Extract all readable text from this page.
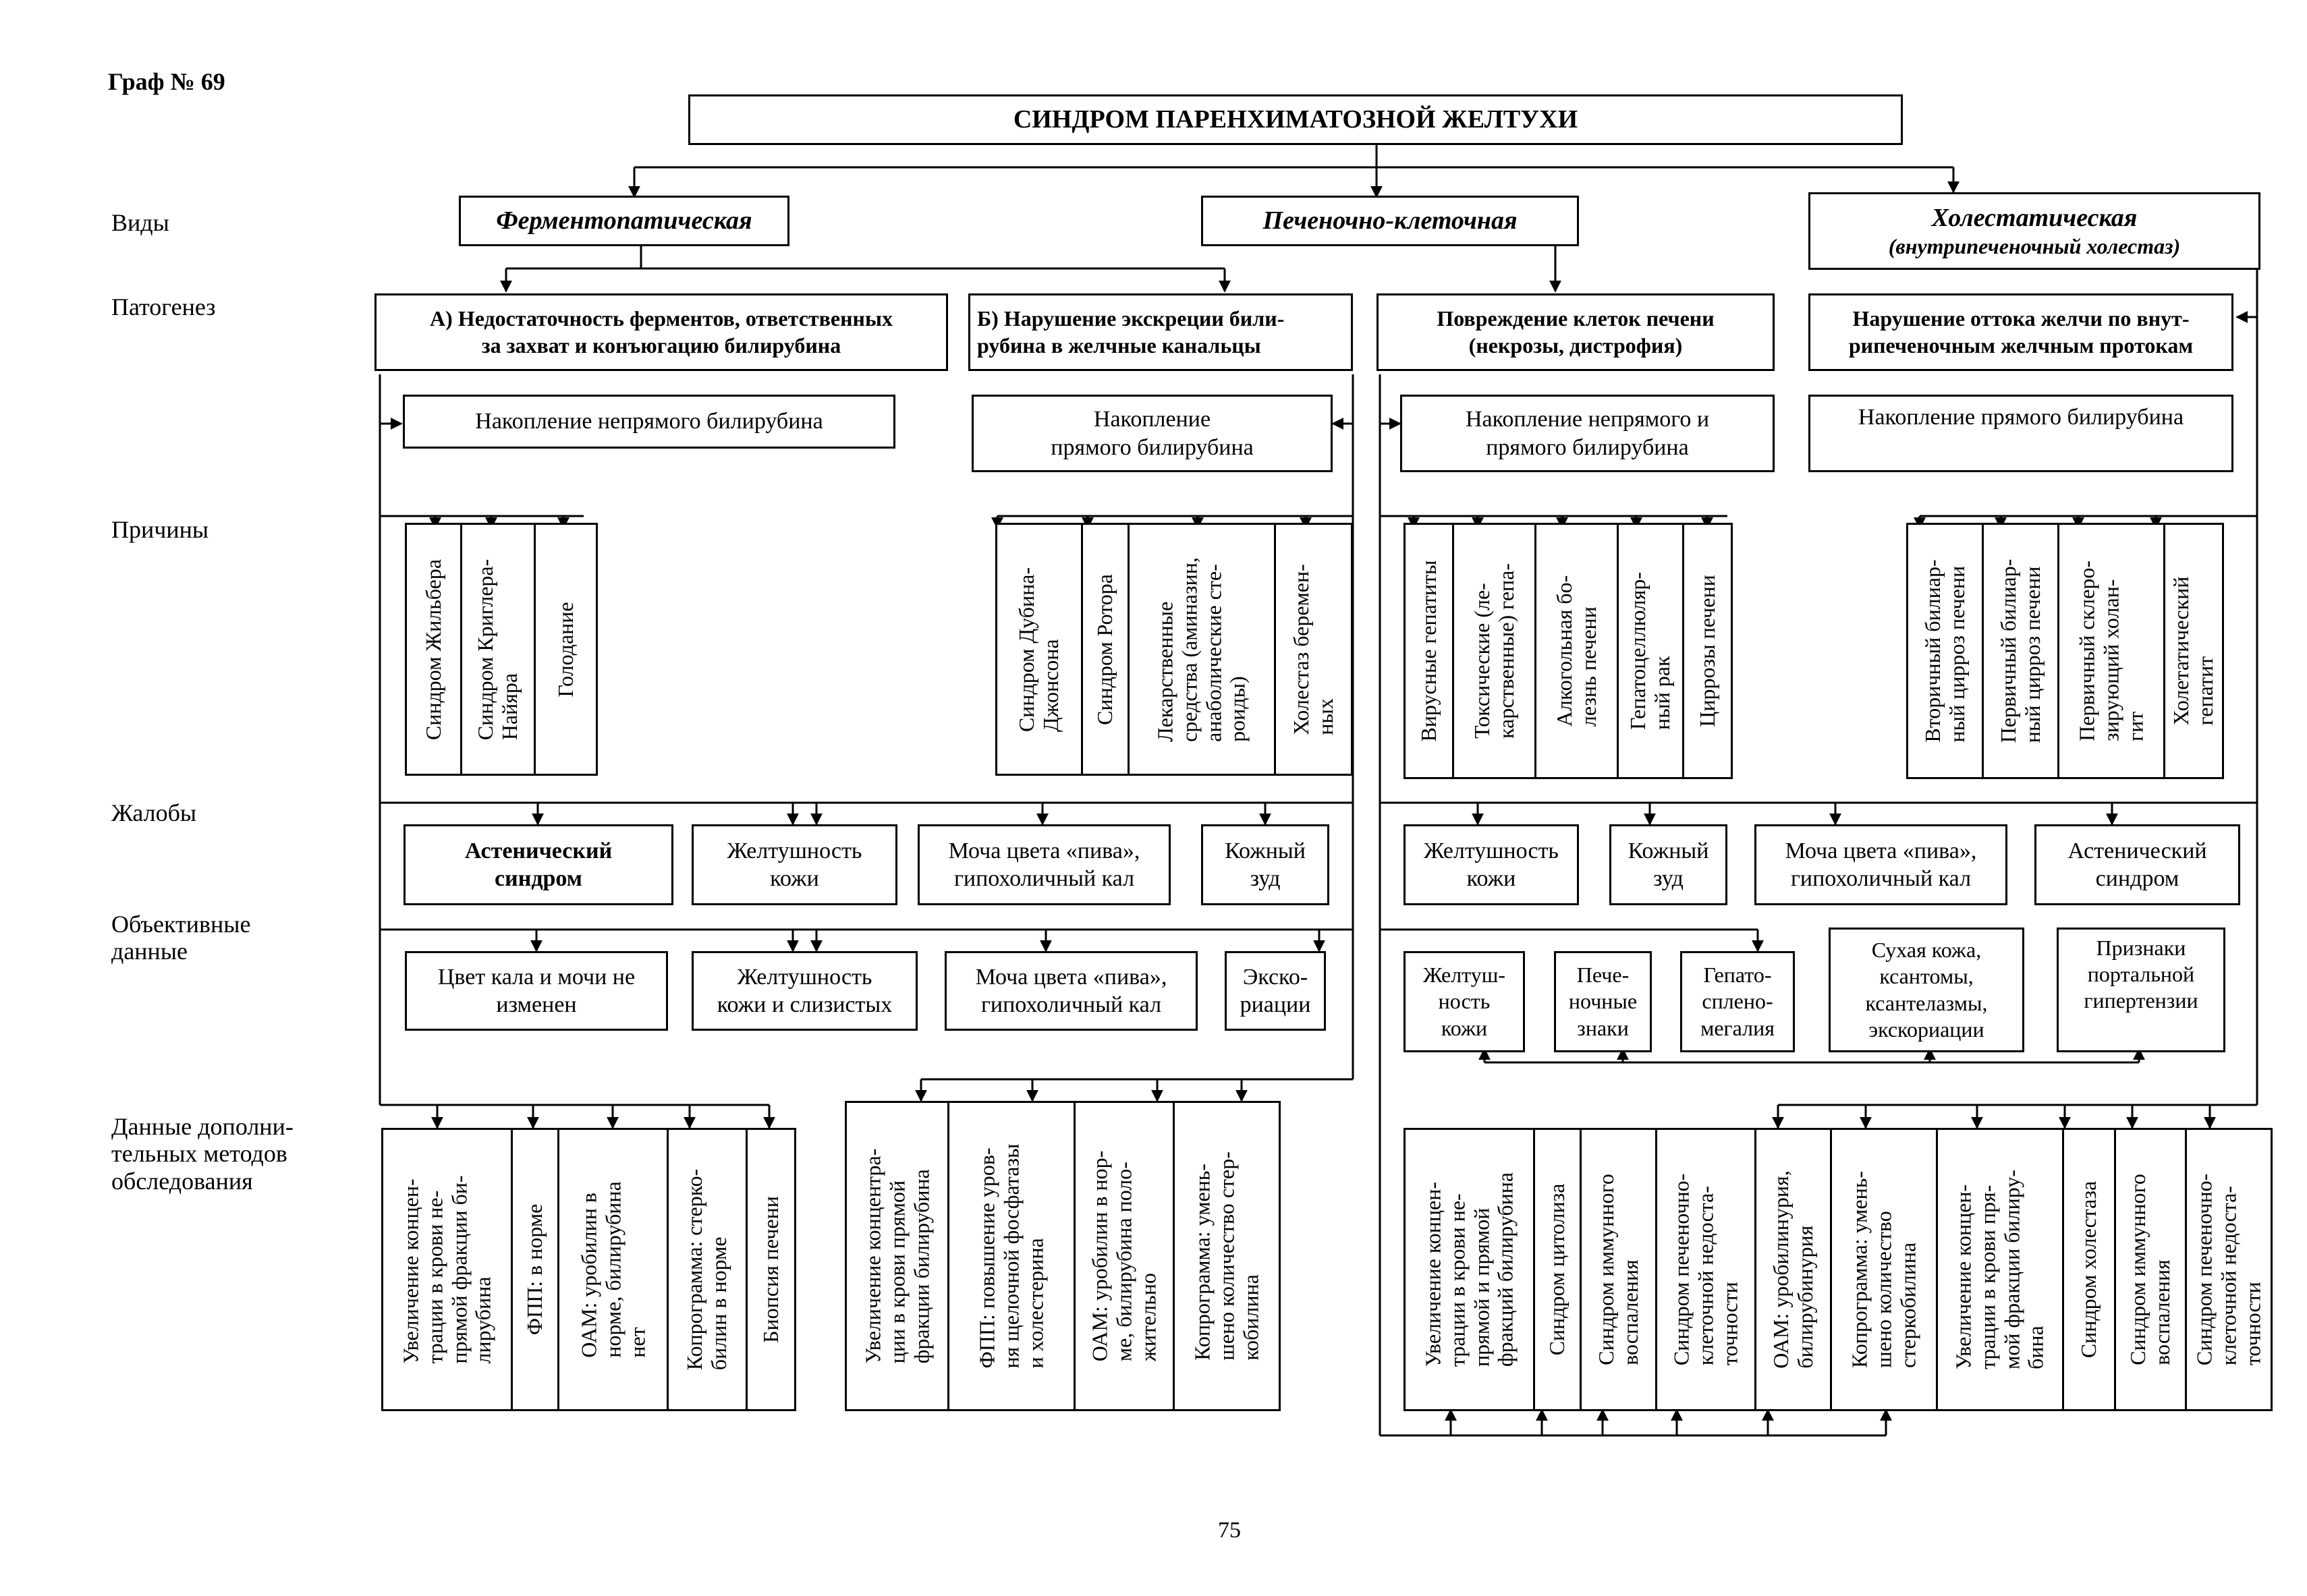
Граф № 69
Виды
Патогенез
Причины
Жалобы
Объективные
данные
Данные дополни-
тельных методов
обследования
СИНДРОМ ПАРЕНХИМАТОЗНОЙ ЖЕЛТУХИ
Ферментопатическая	Печеночно-клеточная	Холестатическая
(внутрипеченочный холестаз)
А) Недостаточность ферментов, ответственных
за захват и конъюгацию билирубина
Б) Нарушение экскреции били-
рубина в желчные канальцы
Повреждение клеток печени
(некрозы, дистрофия)
Нарушение оттока желчи по внут-
рипеченочным желчным протокам
Накопление непрямого билирубина	Накопление
прямого билирубина
Накопление непрямого и
прямого билирубина
Накопление прямого билирубина
Синдром Жильбера Синдром Криглера-
Найяра
Голодание	Синдром Дубина-
Джонсона Синдром Ротора Лекарственные
средства (аминазин,
анаболические сте-
роиды) Холестаз беремен-
ных	Вирусные гепатиты Токсические (ле-
карственные) гепа-
Алкогольная бо-
лезнь печени Гепатоцеллюляр-
ный рак Циррозы печени	Вторичный билиар-
ный цирроз печени
Первичный билиар-
ный цирроз печени
Первичный склеро-
зирующий холан-
гит
Холетатический
гепатит
Астенический
синдром
Желтушность
кожи
Моча цвета «пива»,
гипохоличный кал
Кожный
зуд
Желтушность
кожи
Кожный
зуд
Моча цвета «пива»,
гипохоличный кал
Астенический
синдром
Цвет кала и мочи не
изменен
Желтушность
кожи и слизистых
Моча цвета «пива»,
гипохоличный кал
Экско-
риации
Желтуш-
ность
кожи
Пече-
ночные
знаки
Гепато-
сплено-
мегалия
Сухая кожа,
ксантомы,
ксантелазмы,
экскориации
Признаки
портальной
гипертензии
Увеличение концен-
трации в крови не-
прямой фракции би-
лирубина ФПП: в норме ОАМ: уробилин в
норме, билирубина
нет Копрограмма: стерко-
билин в норме Биопсия печени	Увеличение концентра-
ции в крови прямой
фракции билирубина
ФПП: повышение уров-
ня щелочной фосфатазы
и холестерина ОАМ: уробилин в нор-
ме, билирубина поло-
жительно Копрограмма: умень-
шено количество стер-
кобилина	Увеличение концен-
трации в крови не-
прямой и прямой
фракций билирубина Синдром цитолиза Синдром иммунного
воспаления Синдром печеночно-
клеточной недоста-
точности ОАМ: уробилинурия,
билирубинурия Копрограмма: умень-
шено количество
стеркобилина Увеличение концен-
трации в крови пря-
мой фракции билиру-
бина Синдром холестаза Синдром иммунного
воспаления Синдром печеночно-
клеточной недоста-
точности
75
